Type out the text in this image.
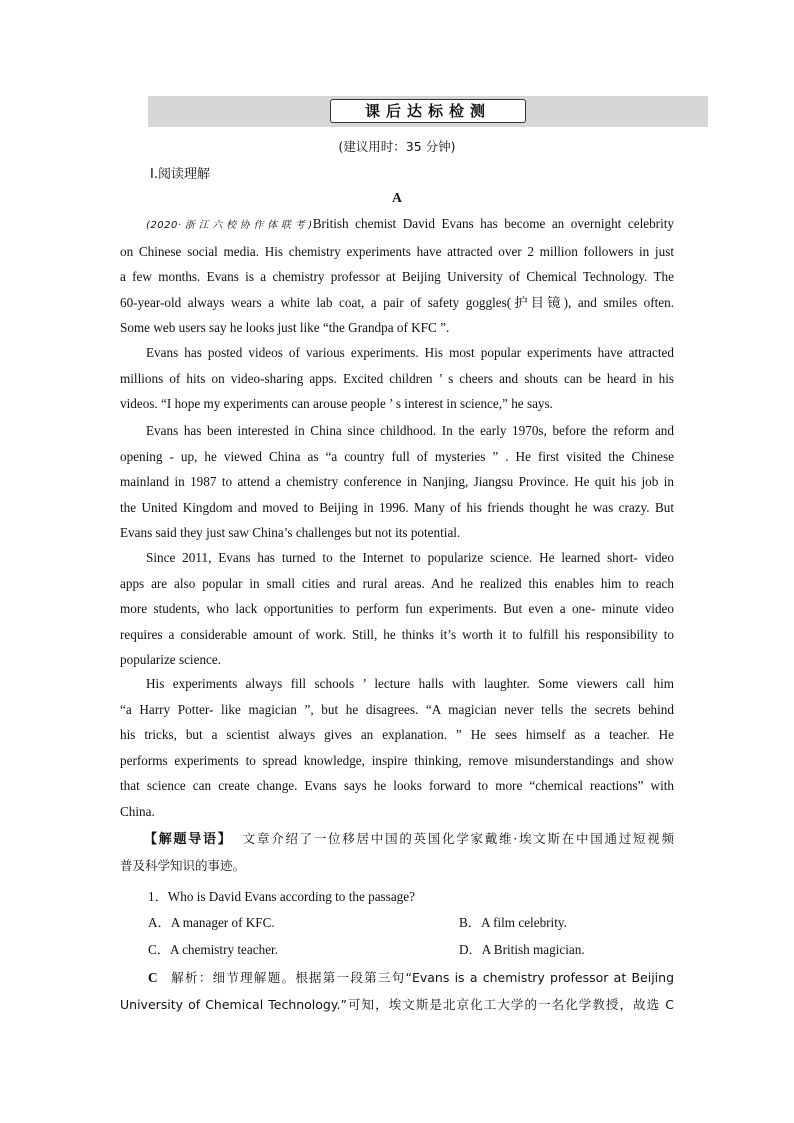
课后达标检测
(建议用时：35 分钟)
Ⅰ.阅读理解
A
(2020·浙江六校协作体联考)British chemist David Evans has become an overnight celebrity
on Chinese social media. His chemistry experiments have attracted over 2 million followers in just
a few months. Evans is a chemistry professor at Beijing University of Chemical Technology. The
60-year-old always wears a white lab coat, a pair of safety goggles(护目镜), and smiles often.
Some web users say he looks just like “the Grandpa of KFC ”.
Evans has posted videos of various experiments. His most popular experiments have attracted
millions of hits on video-sharing apps. Excited children ’ s cheers and shouts can be heard in his
videos. “I hope my experiments can arouse people ’ s interest in science,” he says.
Evans has been interested in China since childhood. In the early 1970s, before the reform and
opening - up, he viewed China as “a country full of mysteries ” . He first visited the Chinese
mainland in 1987 to attend a chemistry conference in Nanjing, Jiangsu Province. He quit his job in
the United Kingdom and moved to Beijing in 1996. Many of his friends thought he was crazy. But
Evans said they just saw China’s challenges but not its potential.
Since 2011, Evans has turned to the Internet to popularize science. He learned short- video
apps are also popular in small cities and rural areas. And he realized this enables him to reach
more students, who lack opportunities to perform fun experiments. But even a one- minute video
requires a considerable amount of work. Still, he thinks it’s worth it to fulfill his responsibility to
popularize science.
His experiments always fill schools ’ lecture halls with laughter. Some viewers call him
“a Harry Potter- like magician ”, but he disagrees. “A magician never tells the secrets behind
his tricks, but a scientist always gives an explanation. ” He sees himself as a teacher. He
performs experiments to spread knowledge, inspire thinking, remove misunderstandings and show
that science can create change. Evans says he looks forward to more “chemical reactions” with
China.
【解题导语】 文章介绍了一位移居中国的英国化学家戴维·埃文斯在中国通过短视频
普及科学知识的事迹。
1．Who is David Evans according to the passage?
A．A manager of KFC.	B．A film celebrity.
C．A chemistry teacher.	D．A British magician.
C 解析：细节理解题。根据第一段第三句“Evans is a chemistry professor at Beijing
University of Chemical Technology.”可知，埃文斯是北京化工大学的一名化学教授，故选 C
